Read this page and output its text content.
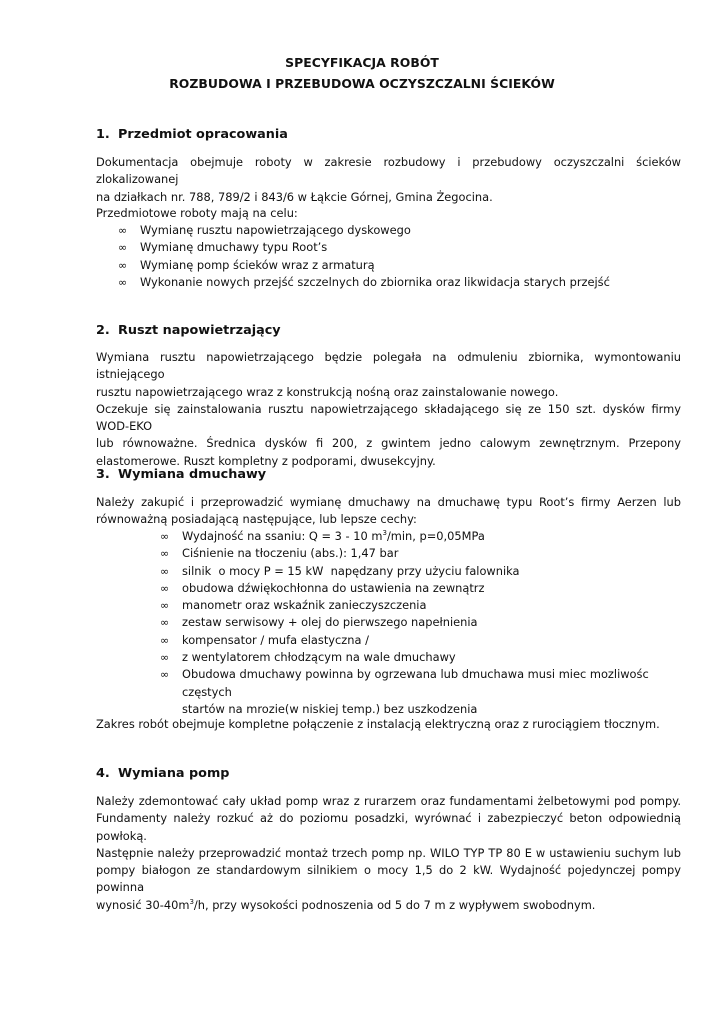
SPECYFIKACJA ROBÓT
ROZBUDOWA I PRZEBUDOWA OCZYSZCZALNI ŚCIEKÓW
1. Przedmiot opracowania

Dokumentacja obejmuje roboty w zakresie rozbudowy i przebudowy oczyszczalni ścieków zlokalizowanej
na działkach nr. 788, 789/2 i 843/6 w Łąkcie Górnej, Gmina Żegocina.

Przedmiotowe roboty mają na celu:

∞ Wymianę rusztu napowietrzającego dyskowego
∞ Wymianę dmuchawy typu Root’s
∞ Wymianę pomp ścieków wraz z armaturą
∞ Wykonanie nowych przejść szczelnych do zbiornika oraz likwidacja starych przejść
2. Ruszt napowietrzający

Wymiana rusztu napowietrzającego będzie polegała na odmuleniu zbiornika, wymontowaniu istniejącego
rusztu napowietrzającego wraz z konstrukcją nośną oraz zainstalowanie nowego.
Oczekuje się zainstalowania rusztu napowietrzającego składającego się ze 150 szt. dysków firmy WOD-EKO
lub równoważne. Średnica dysków fi 200, z gwintem jedno calowym zewnętrznym. Przepony
elastomerowe. Ruszt kompletny z podporami, dwusekcyjny.

3. Wymiana dmuchawy

Należy zakupić i przeprowadzić wymianę dmuchawy na dmuchawę typu Root’s firmy Aerzen lub
równoważną posiadającą następujące, lub lepsze cechy:

∞ Wydajność na ssaniu: Q = 3 - 10 $m^3/\min$, p=0,05MPa
∞ Ciśnienie na tłoczeniu (abs.): 1,47 bar
∞ silnik  o mocy P = 15 kW  napędzany przy użyciu falownika
∞ obudowa dźwiękochłonna do ustawienia na zewnątrz
∞ manometr oraz wskaźnik zanieczyszczenia
∞ zestaw serwisowy + olej do pierwszego napełnienia
∞ kompensator / mufa elastyczna /
∞ z wentylatorem chłodzącym na wale dmuchawy
∞ Obudowa dmuchawy powinna by ogrzewana lub dmuchawa musi miec mozliwośc częstych
startów na mrozie(w niskiej temp.) bez uszkodzenia

Zakres robót obejmuje kompletne połączenie z instalacją elektryczną oraz z rurociągiem tłocznym.

4. Wymiana pomp

Należy zdemontować cały układ pomp wraz z rurarzem oraz fundamentami żelbetowymi pod pompy.
Fundamenty należy rozkuć aż do poziomu posadzki, wyrównać i zabezpieczyć beton odpowiednią powłoką.
Następnie należy przeprowadzić montaż trzech pomp np. WILO TYP TP 80 E w ustawieniu suchym lub
pompy białogon ze standardowym silnikiem o mocy 1,5 do 2 kW. Wydajność pojedynczej pompy powinna
wynosić $30-40m^3/h$, przy wysokości podnoszenia od 5 do 7 m z wypływem swobodnym.
